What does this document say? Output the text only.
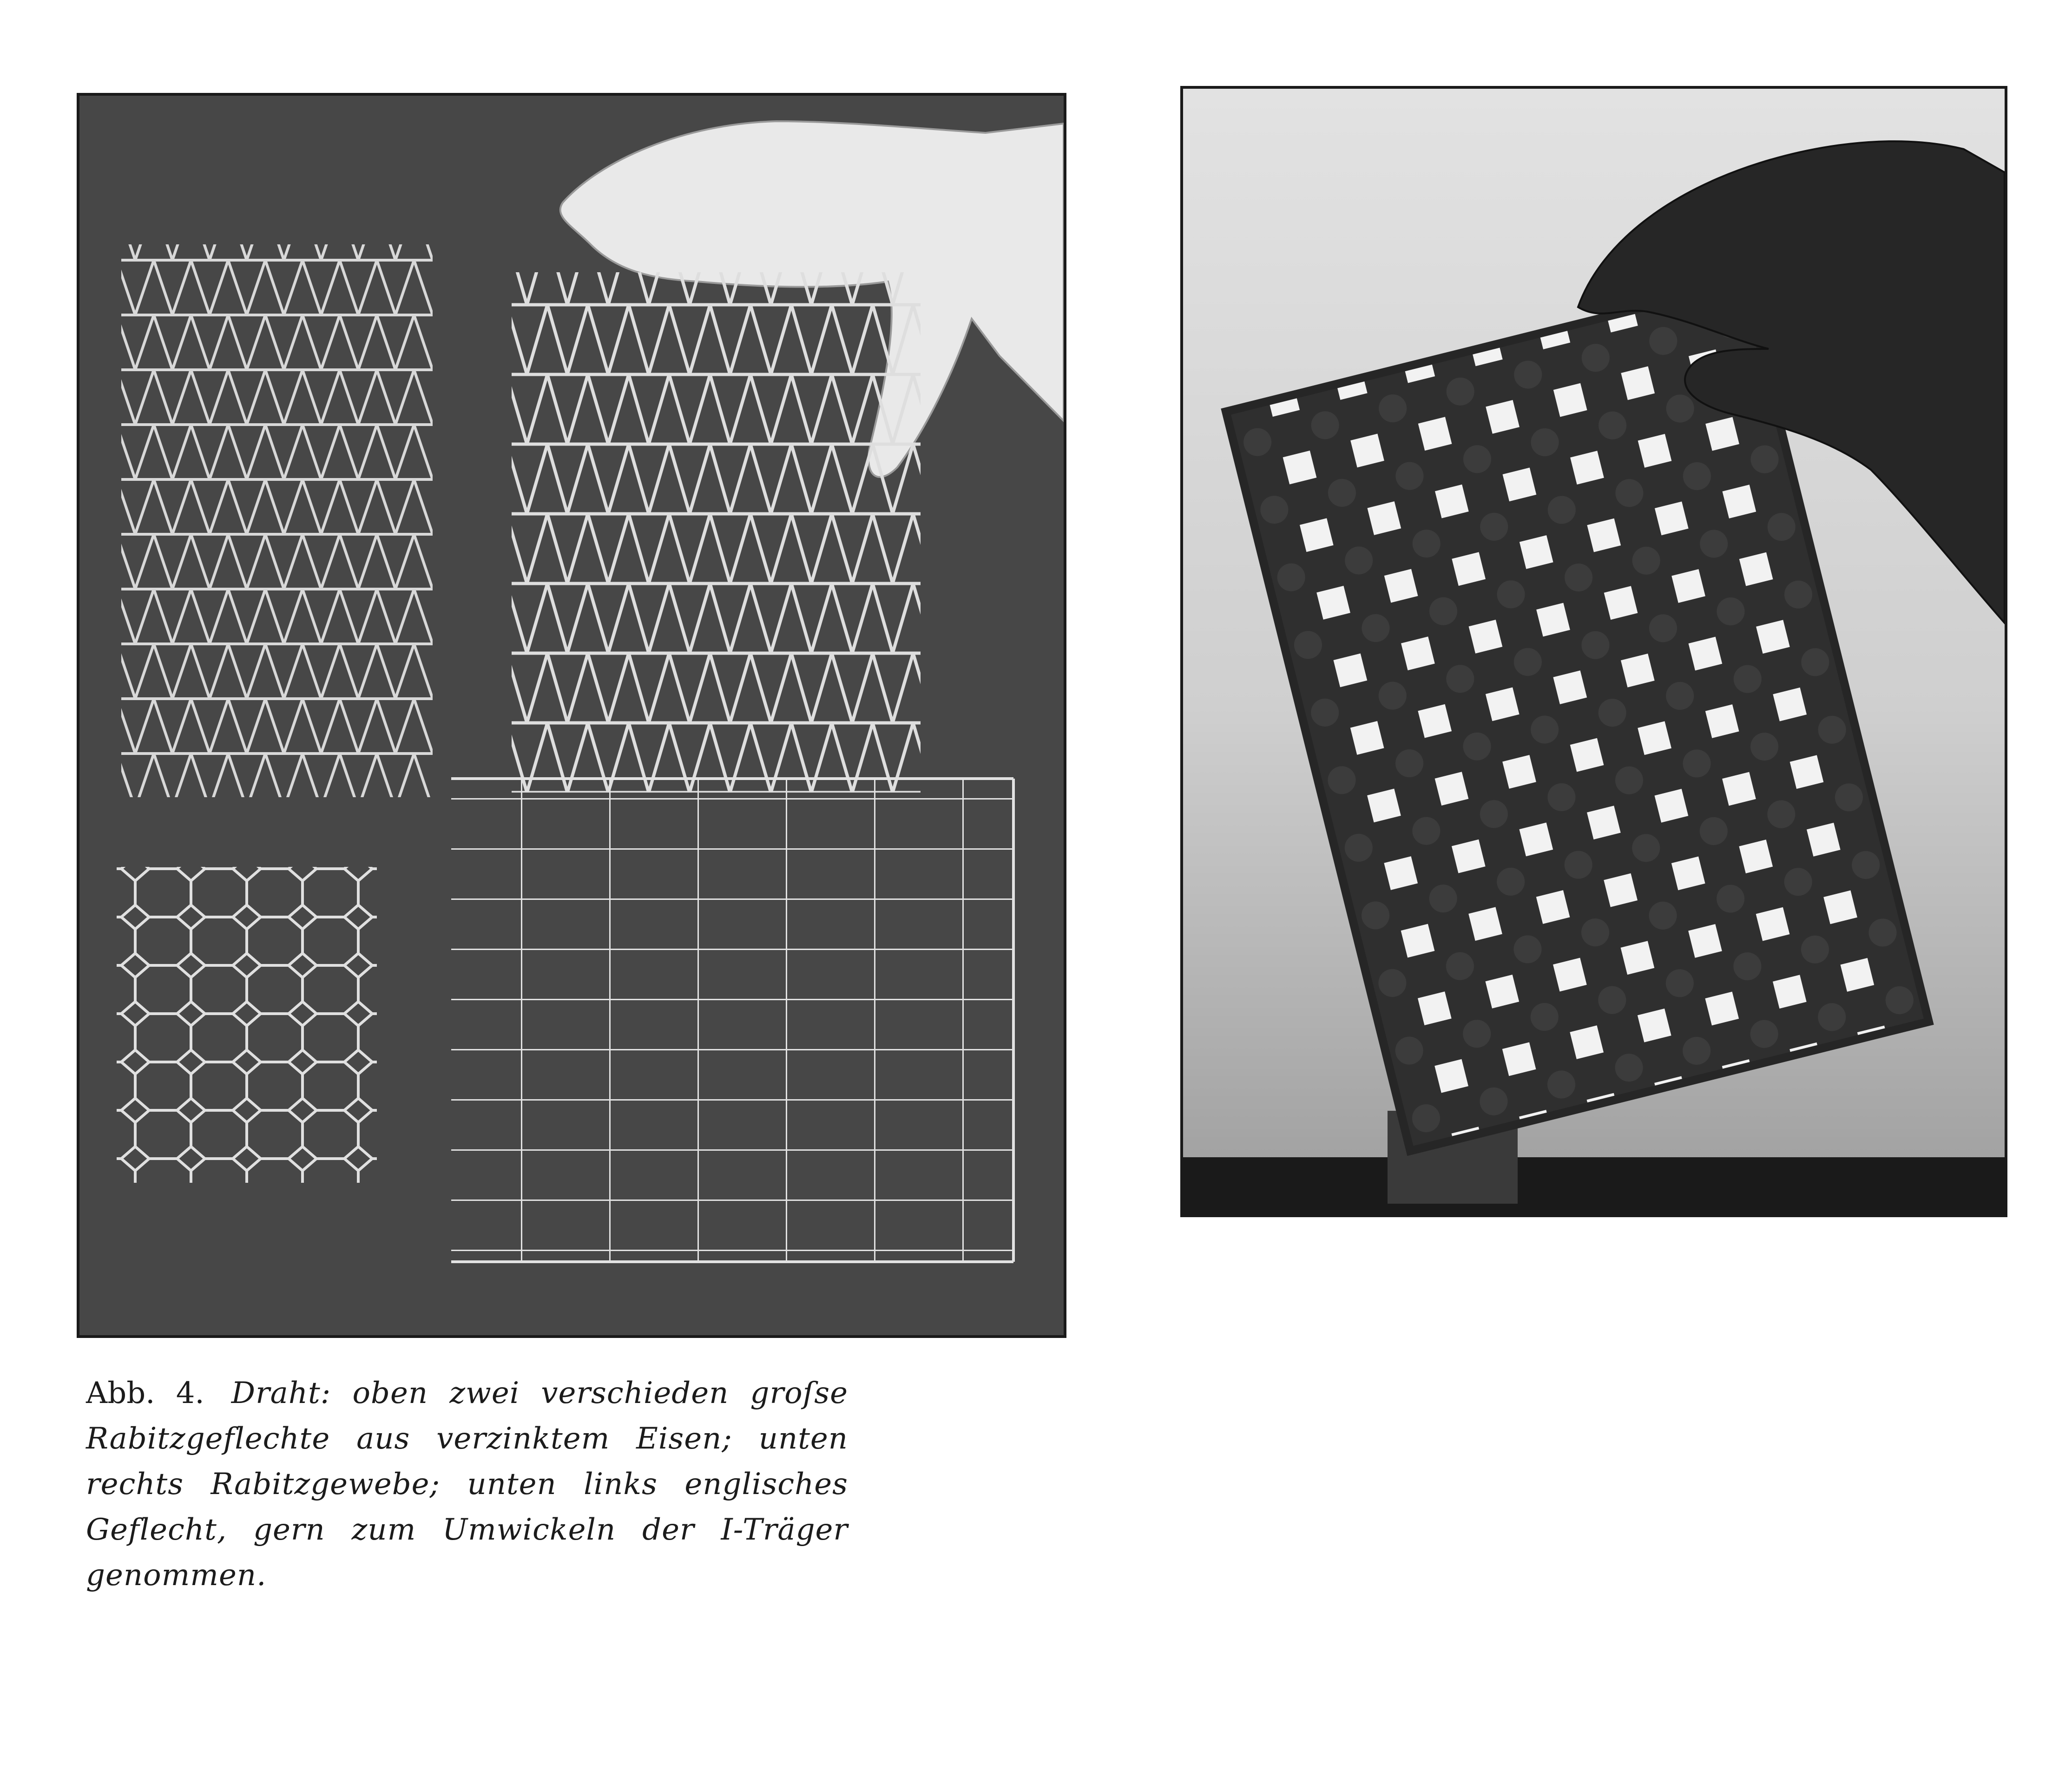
Abb. 4. Draht: oben zwei verschieden groſse Rabitzgeflechte aus verzinktem Eisen; unten rechts Rabitzgewebe; unten links englisches Geflecht, gern zum Umwickeln der I-Träger genommen.
